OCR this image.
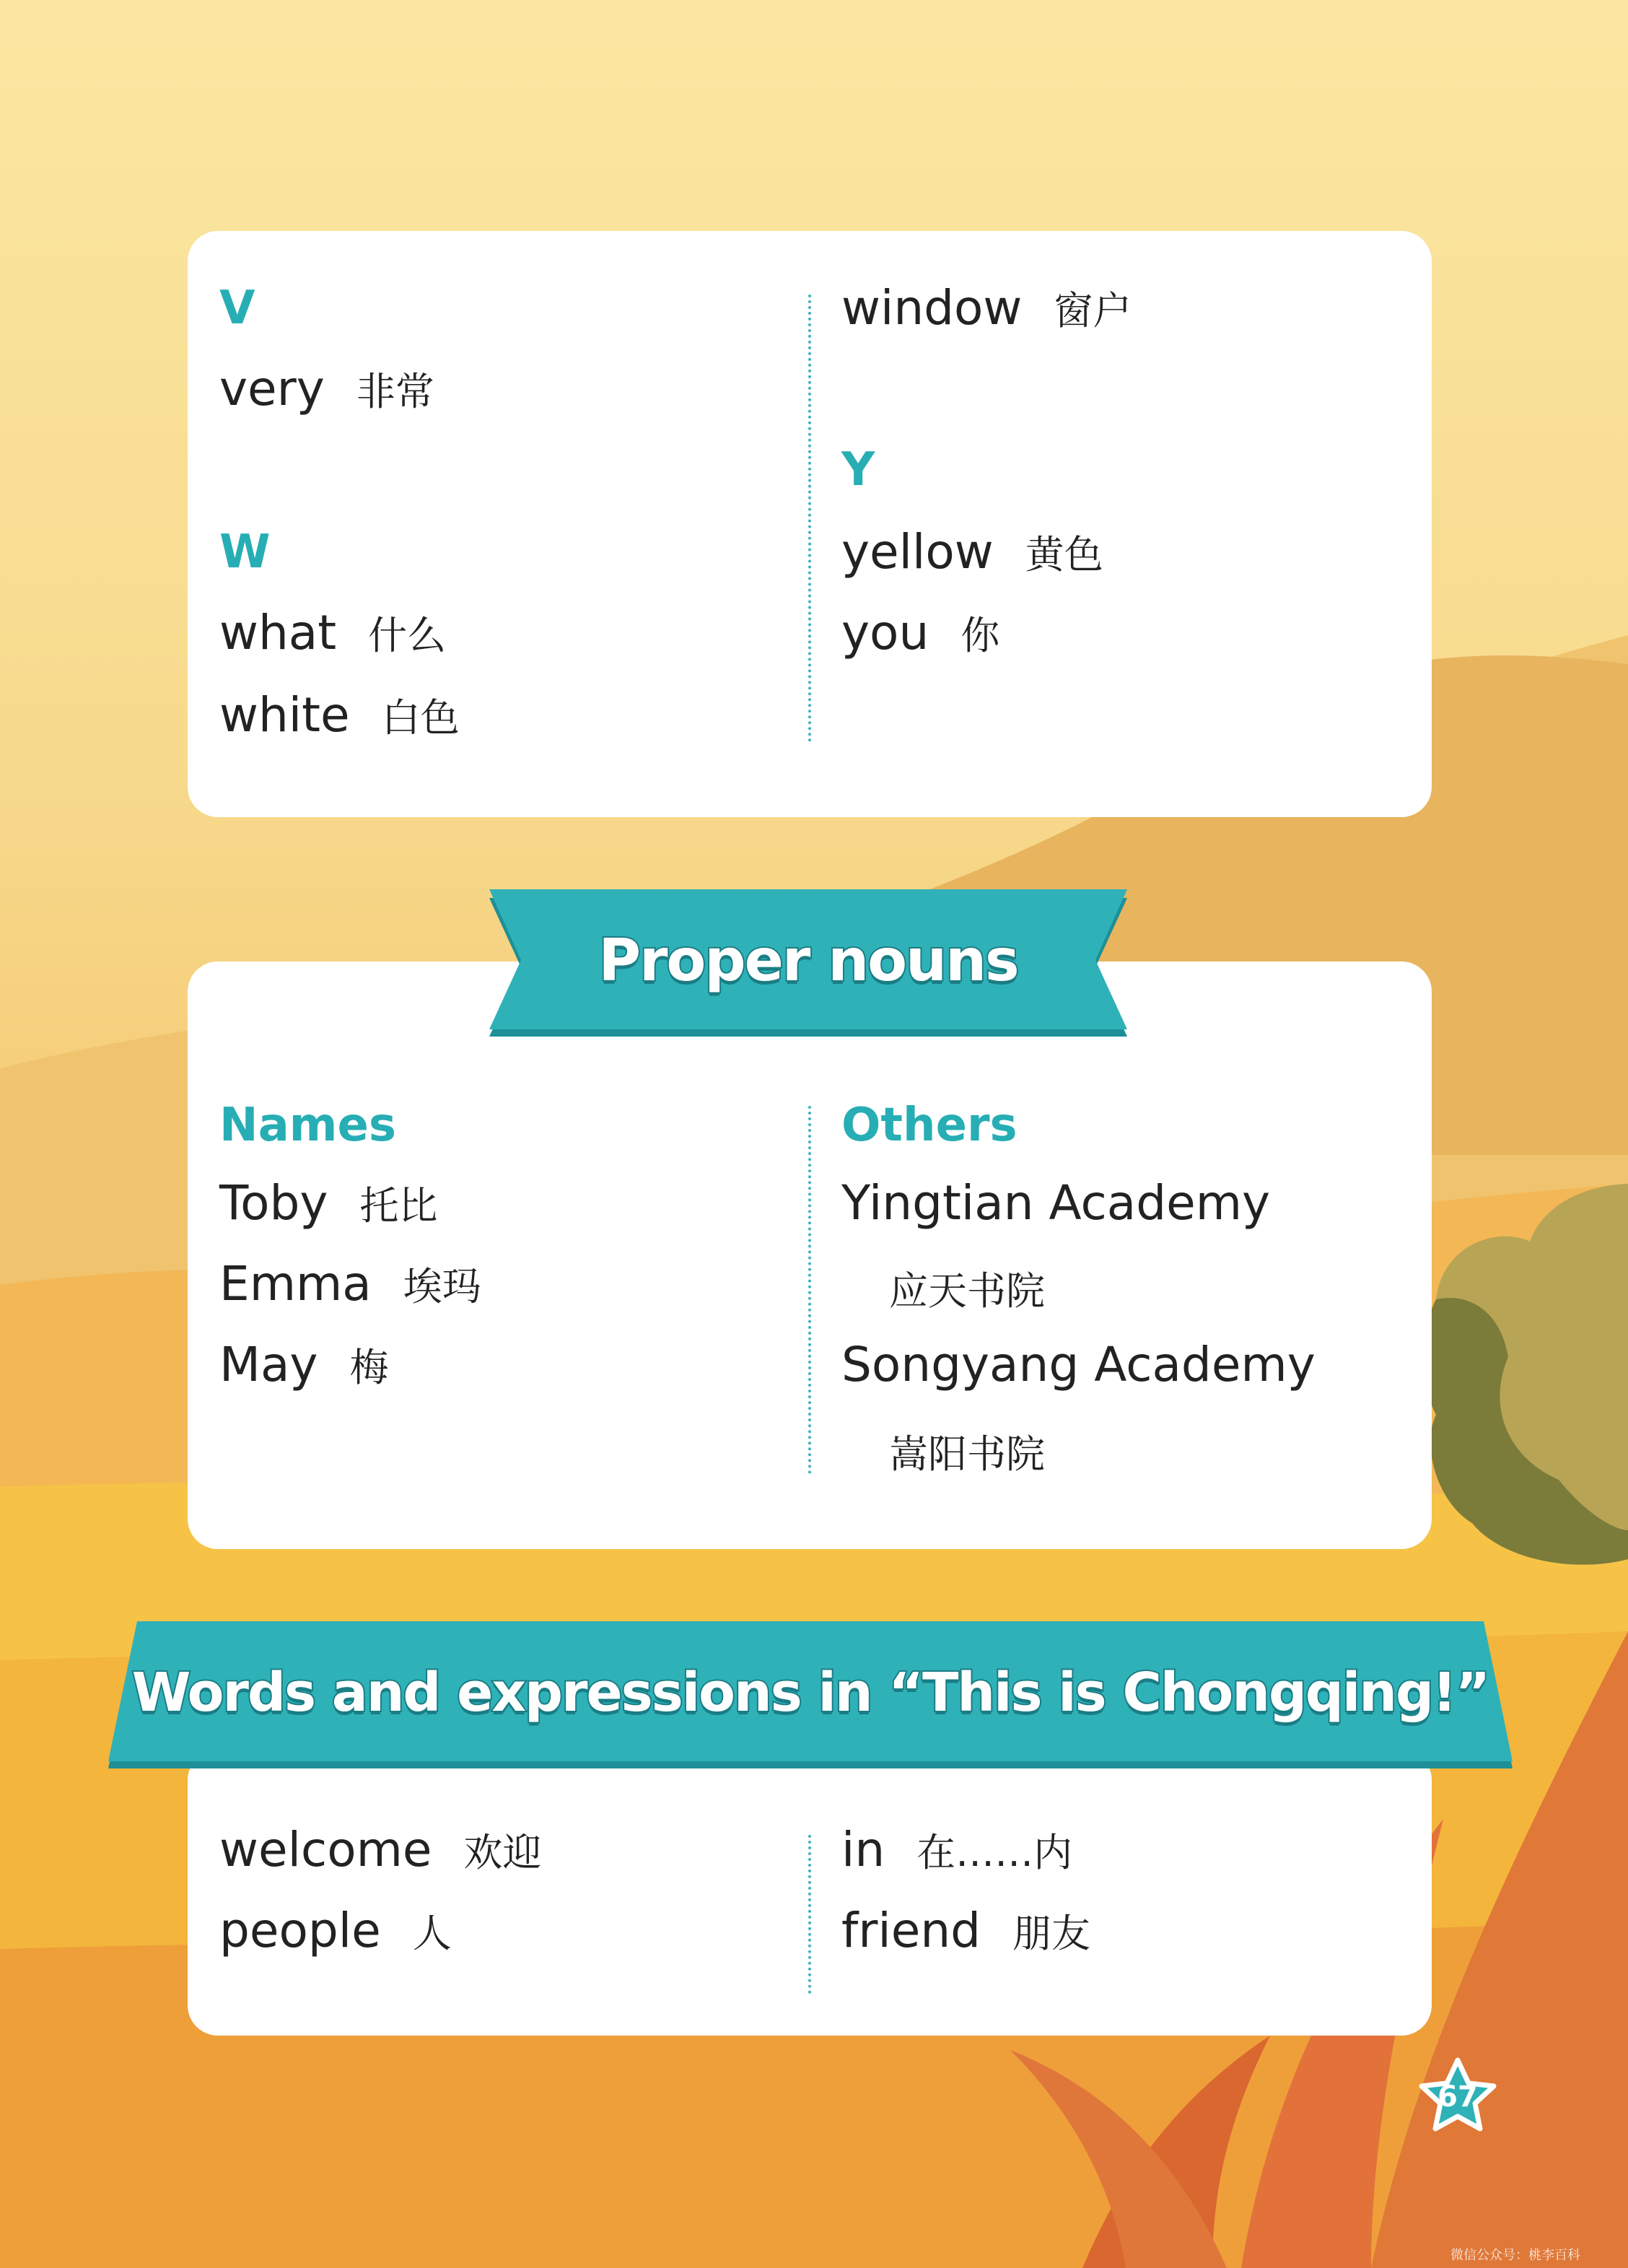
V
very 非常
W
what 什么
white 白色
window 窗户
Y
yellow 黄色
you 你
Names
Toby 托比
Emma 埃玛
May 梅
Others
Yingtian Academy
应天书院
Songyang Academy
嵩阳书院
Proper nouns
welcome 欢迎
people 人
in 在……内
friend 朋友
Words and expressions in “This is Chongqing!”
67
微信公众号：桃李百科
